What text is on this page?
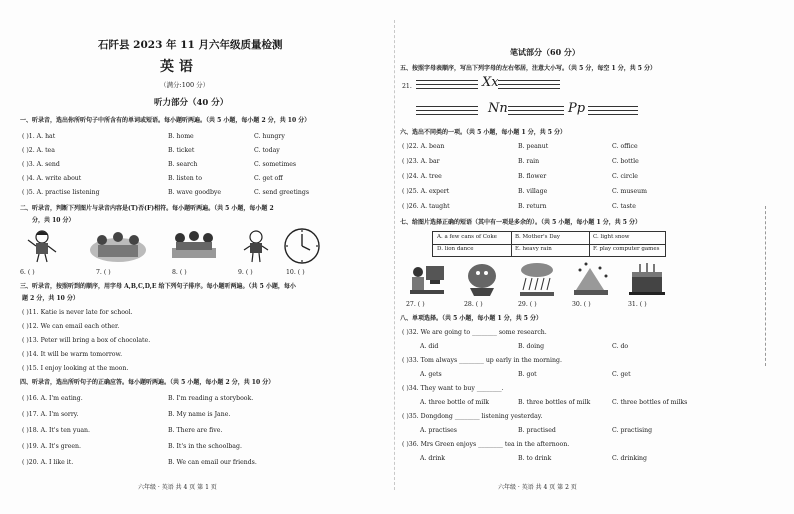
石阡县 2023 年 11 月六年级质量检测
英 语
（满分:100 分）
听力部分（40 分）
一、听录音，选出你所听句子中所含有的单词或短语。每小题听两遍。（共 5 小题，每小题 2 分，共 10 分）
( )1. A. hat	B. home	C. hungry
( )2. A. tea	B. ticket	C. today
( )3. A. send	B. search	C. sometimes
( )4. A. write about	B. listen to	C. get off
( )5. A. practise listening	B. wave goodbye	C. send greetings
二、听录音，判断下列图片与录音内容是(T)否(F)相符。每小题听两遍。（共 5 小题，每小题 2
分，共 10 分）
6. ( )	7. ( )	8. ( )	9. ( )	10. ( )
三、听录音，按照听到的顺序，用字母 A,B,C,D,E 给下列句子排序。每小题听两遍。（共 5 小题，每小
题 2 分，共 10 分）
( )11. Katie is never late for school.
( )12. We can email each other.
( )13. Peter will bring a box of chocolate.
( )14. It will be warm tomorrow.
( )15. I enjoy looking at the moon.
四、听录音，选出所听句子的正确应答。每小题听两遍。（共 5 小题，每小题 2 分，共 10 分）
( )16. A. I'm eating.	B. I'm reading a storybook.
( )17. A. I'm sorry.	B. My name is Jane.
( )18. A. It's ten yuan.	B. There are five.
( )19. A. It's green.	B. It's in the schoolbag.
( )20. A. I like it.	B. We can email our friends.
六年级 · 英语 共 4 页 第 1 页
笔试部分（60 分）
五、按照字母表顺序，写出下列字母的左右邻居，注意大小写。（共 5 分，每空 1 分，共 5 分）
21.	Xx
Nn	Pp
六、选出不同类的一项。（共 5 小题，每小题 1 分，共 5 分）
( )22. A. bean	B. peanut	C. office
( )23. A. bar	B. rain	C. bottle
( )24. A. tree	B. flower	C. circle
( )25. A. expert	B. village	C. museum
( )26. A. taught	B. return	C. taste
七、给图片选择正确的短语（其中有一项是多余的）。（共 5 小题，每小题 1 分，共 5 分）
A. a few cans of Coke	B. Mother's Day	C. light snow
D. lion dance	E. heavy rain	F. play computer games
27. ( )	28. ( )	29. ( )	30. ( )	31. ( )
八、单项选择。（共 5 小题，每小题 1 分，共 5 分）
( )32. We are going to ________ some research.
A. did	B. doing	C. do
( )33. Tom always ________ up early in the morning.
A. gets	B. got	C. get
( )34. They want to buy ________.
A. three bottle of milk	B. three bottles of milk	C. three bottles of milks
( )35. Dongdong ________ listening yesterday.
A. practises	B. practised	C. practising
( )36. Mrs Green enjoys ________ tea in the afternoon.
A. drink	B. to drink	C. drinking
六年级 · 英语 共 4 页 第 2 页
